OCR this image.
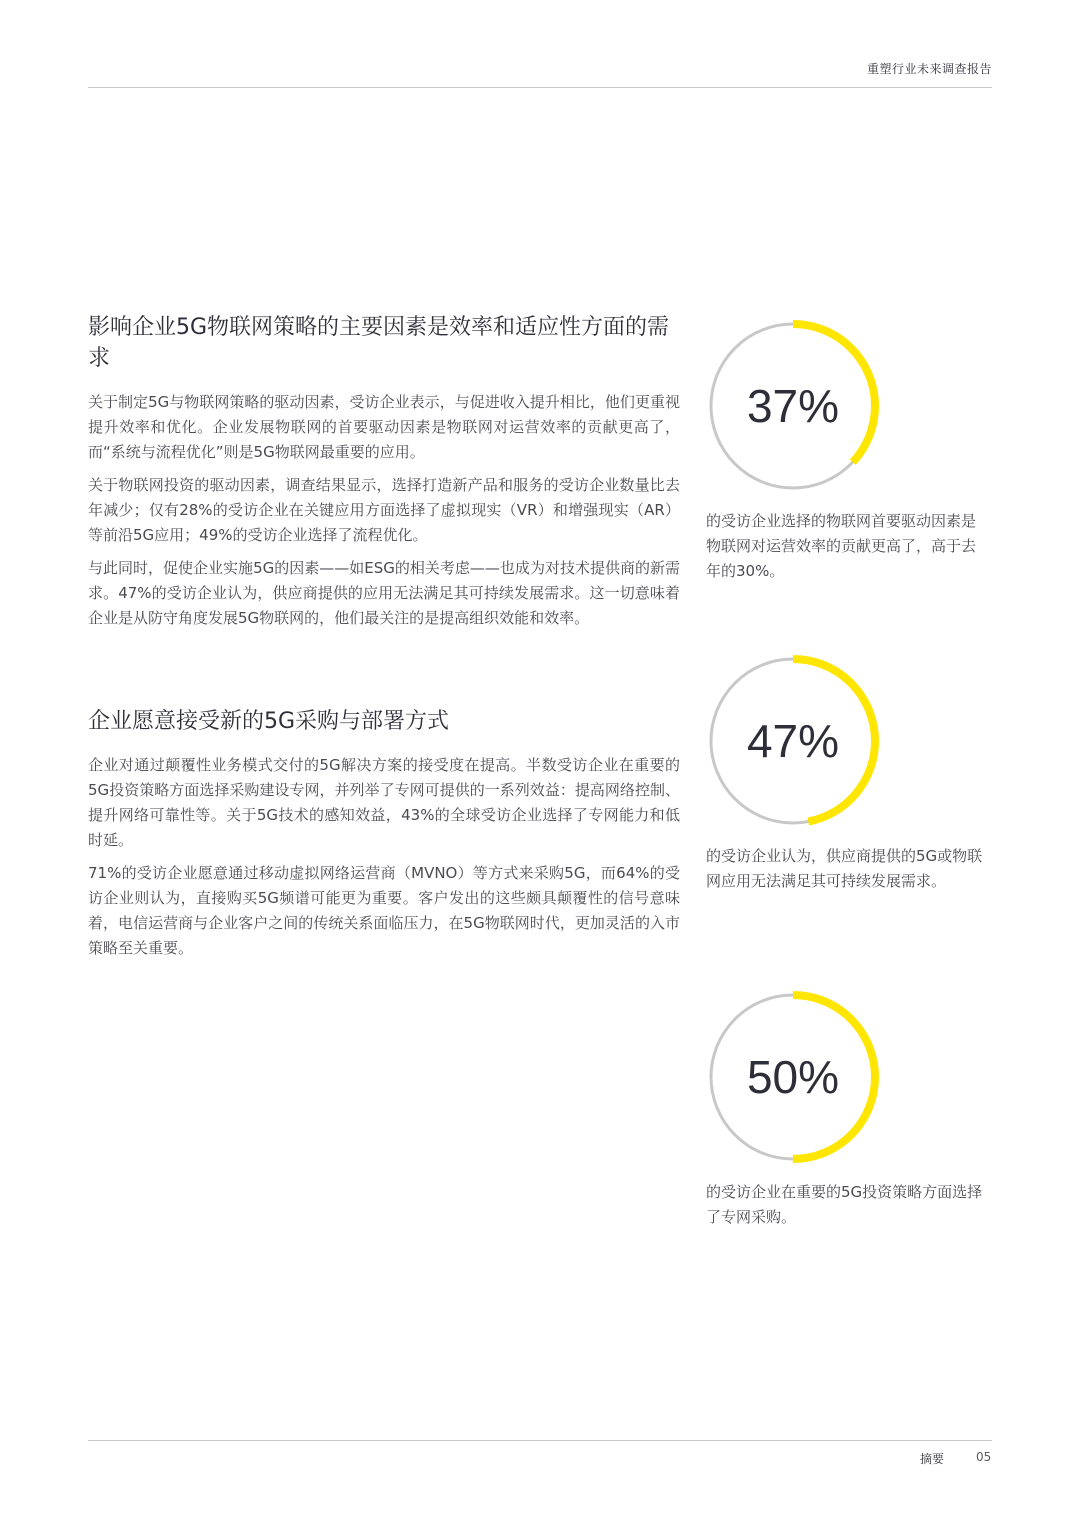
重塑行业未来调查报告
影响企业5G物联网策略的主要因素是效率和适应性方面的需求

关于制定5G与物联网策略的驱动因素，受访企业表示，与促进收入提升相比，他们更重视提升效率和优化。企业发展物联网的首要驱动因素是物联网对运营效率的贡献更高了，而“系统与流程优化”则是5G物联网最重要的应用。

关于物联网投资的驱动因素，调查结果显示，选择打造新产品和服务的受访企业数量比去年减少；仅有28%的受访企业在关键应用方面选择了虚拟现实（VR）和增强现实（AR）等前沿5G应用；49%的受访企业选择了流程优化。

与此同时，促使企业实施5G的因素——如ESG的相关考虑——也成为对技术提供商的新需求。47%的受访企业认为，供应商提供的应用无法满足其可持续发展需求。这一切意味着企业是从防守角度发展5G物联网的，他们最关注的是提高组织效能和效率。

企业愿意接受新的5G采购与部署方式

企业对通过颠覆性业务模式交付的5G解决方案的接受度在提高。半数受访企业在重要的5G投资策略方面选择采购建设专网，并列举了专网可提供的一系列效益：提高网络控制、提升网络可靠性等。关于5G技术的感知效益，43%的全球受访企业选择了专网能力和低时延。

71%的受访企业愿意通过移动虚拟网络运营商（MVNO）等方式来采购5G，而64%的受访企业则认为，直接购买5G频谱可能更为重要。客户发出的这些颇具颠覆性的信号意味着，电信运营商与企业客户之间的传统关系面临压力，在5G物联网时代，更加灵活的入市策略至关重要。

37%
的受访企业选择的物联网首要驱动因素是物联网对运营效率的贡献更高了，高于去年的30%。
47%
的受访企业认为，供应商提供的5G或物联网应用无法满足其可持续发展需求。
50%
的受访企业在重要的5G投资策略方面选择了专网采购。
摘要	05
